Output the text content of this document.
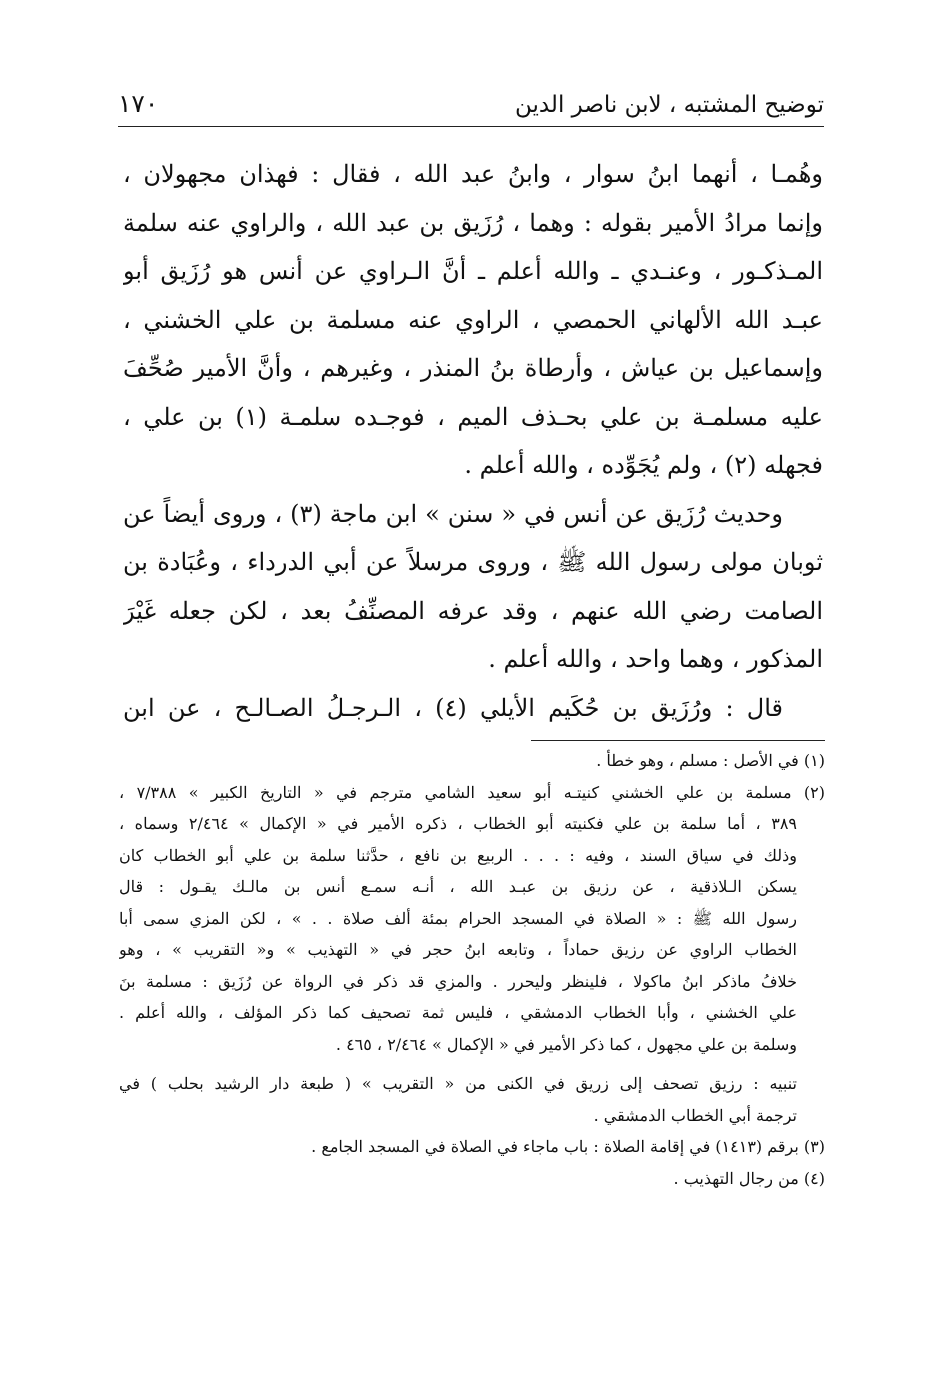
توضيح المشتبه ، لابن ناصر الدين
١٧٠
وهُمـا ، أنهما ابنُ سوار ، وابنُ عبد الله ، فقال : فهذان مجهولان ،
وإنما مرادُ الأمير بقوله : وهما ، رُزَيق بن عبد الله ، والراوي عنه سلمة
المـذكـور ، وعنـدي ـ والله أعلم ـ أنَّ الـراوي عن أنس هو رُزَيق أبو
عبـد الله الألهاني الحمصي ، الراوي عنه مسلمة بن علي الخشني ،
وإسماعيل بن عياش ، وأرطاة بنُ المنذر ، وغيرهم ، وأنَّ الأمير صُحِّفَ
عليه مسلمـة بن علي بحـذف الميم ، فوجـده سلمـة (١) بن علي ،
فجهله (٢) ، ولم يُجَوِّده ، والله أعلم .
وحديث رُزَيق عن أنس في « سنن » ابن ماجة (٣) ، وروى أيضاً عن
ثوبان مولى رسول الله ﷺ ، وروى مرسلاً عن أبي الدرداء ، وعُبَادة بن
الصامت رضي الله عنهم ، وقد عرفه المصنِّفُ بعد ، لكن جعله غَيْرَ
المذكور ، وهما واحد ، والله أعلم .
قال : ورُزَيق بن حُكَيم الأيلي (٤) ، الـرجـلُ الصـالـح ، عن ابن
(١) في الأصل : مسلم ، وهو خطأ .
(٢) مسلمة بن علي الخشني كنيتـه أبو سعيد الشامي مترجم في « التاريخ الكبير » ٧/٣٨٨ ،
٣٨٩ ، أما سلمة بن علي فكنيته أبو الخطاب ، ذكره الأمير في « الإكمال » ٢/٤٦٤ وسماه ،
وذلك في سياق السند ، وفيه : . . . الربيع بن نافع ، حدَّثنا سلمة بن علي أبو الخطاب كان
يسكن الـلاذقية ، عن رزيق بن عبـد الله ، أنـه سمـع أنس بن مالـك يقـول : قال
رسول الله ﷺ : « الصلاة في المسجد الحرام بمئة ألف صلاة . . » ، لكن المزي سمى أبا
الخطاب الراوي عن رزيق حماداً ، وتابعه ابنُ حجر في « التهذيب » و« التقريب » ، وهو
خلافُ ماذكر ابنُ ماكولا ، فلينظر وليحرر . والمزي قد ذكر في الرواة عن رُزَيق : مسلمة بنَ
علي الخشني ، وأبا الخطاب الدمشقي ، فليس ثمة تصحيف كما ذكر المؤلف ، والله أعلم .
وسلمة بن علي مجهول ، كما ذكر الأمير في « الإكمال » ٢/٤٦٤ ، ٤٦٥ .
تنبيه : رزيق تصحف إلى زريق في الكنى من « التقريب » ( طبعة دار الرشيد بحلب ) في
ترجمة أبي الخطاب الدمشقي .
(٣) برقم (١٤١٣) في إقامة الصلاة : باب ماجاء في الصلاة في المسجد الجامع .
(٤) من رجال التهذيب .
